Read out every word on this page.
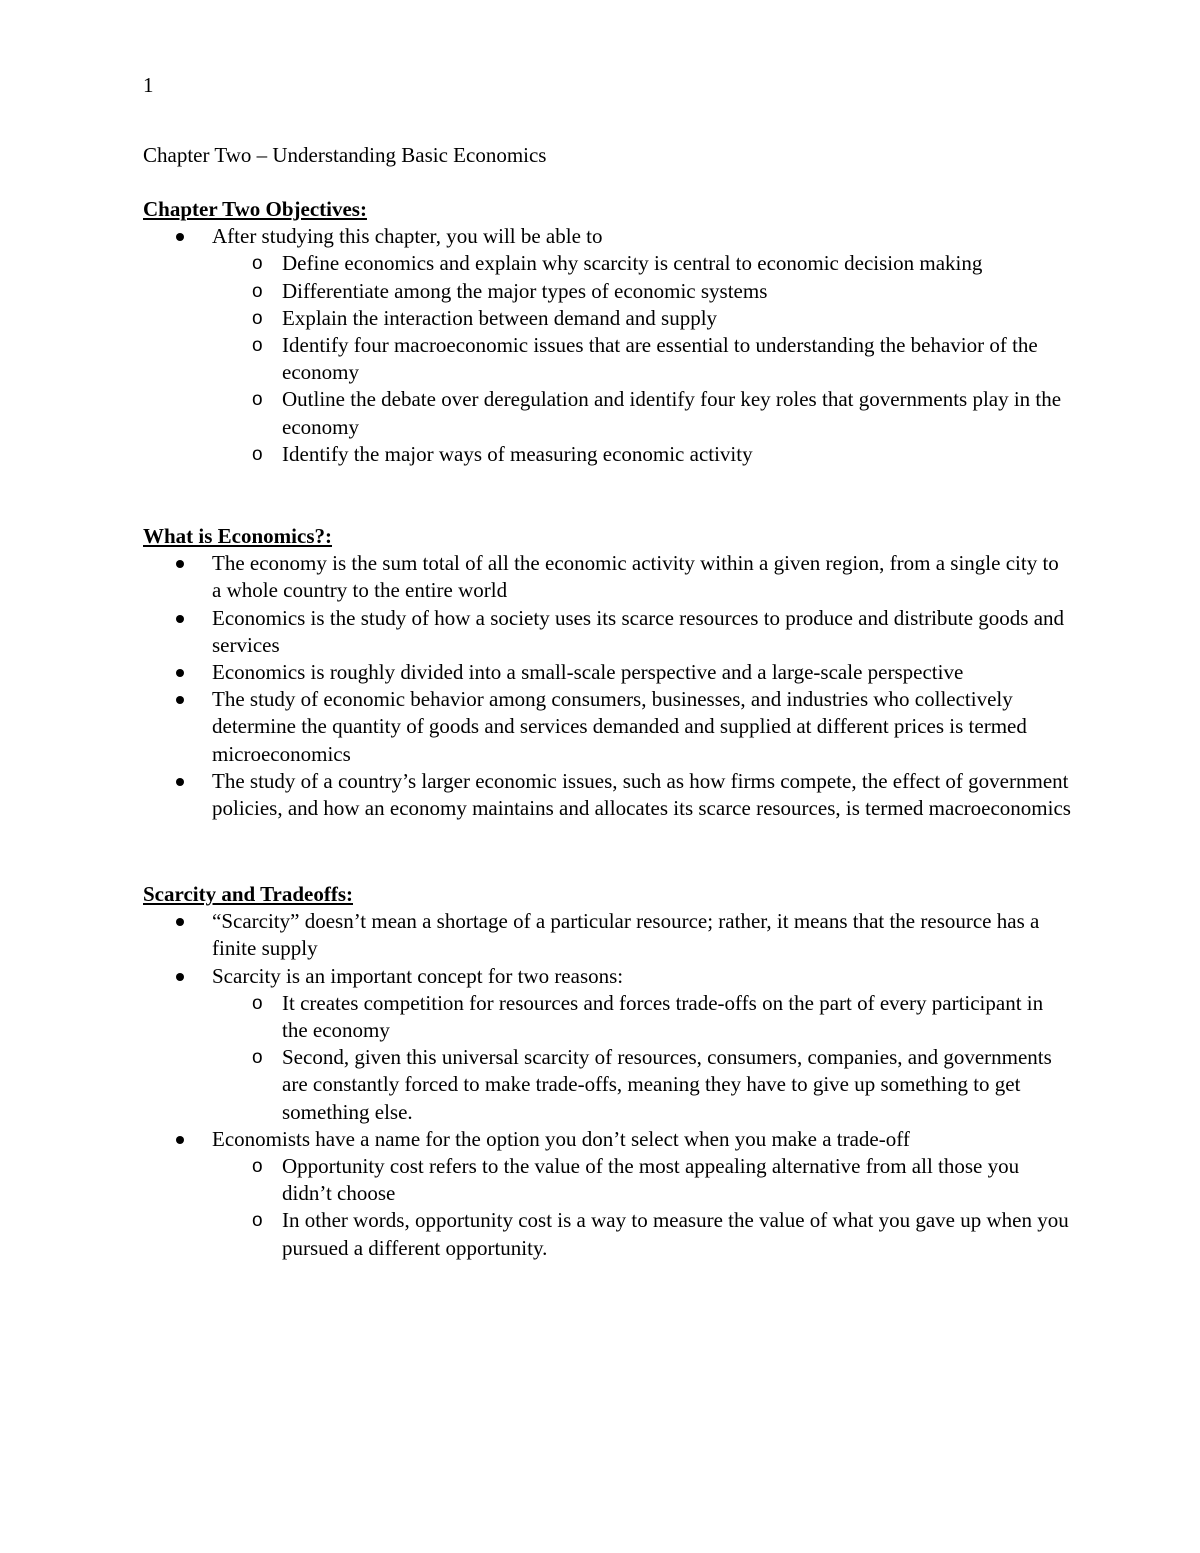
1
Chapter Two – Understanding Basic Economics

Chapter Two Objectives:

After studying this chapter, you will be able to
o Define economics and explain why scarcity is central to economic decision making
o Differentiate among the major types of economic systems
o Explain the interaction between demand and supply
o Identify four macroeconomic issues that are essential to understanding the behavior of the economy
o Outline the debate over deregulation and identify four key roles that governments play in the economy
o Identify the major ways of measuring economic activity

What is Economics?:

The economy is the sum total of all the economic activity within a given region, from a single city to a whole country to the entire world
Economics is the study of how a society uses its scarce resources to produce and distribute goods and services
Economics is roughly divided into a small-scale perspective and a large-scale perspective
The study of economic behavior among consumers, businesses, and industries who collectively determine the quantity of goods and services demanded and supplied at different prices is termed microeconomics
The study of a country’s larger economic issues, such as how firms compete, the effect of government policies, and how an economy maintains and allocates its scarce resources, is termed macroeconomics

Scarcity and Tradeoffs:

“Scarcity” doesn’t mean a shortage of a particular resource; rather, it means that the resource has a finite supply
Scarcity is an important concept for two reasons:
o It creates competition for resources and forces trade-offs on the part of every participant in the economy
o Second, given this universal scarcity of resources, consumers, companies, and governments are constantly forced to make trade-offs, meaning they have to give up something to get something else.
Economists have a name for the option you don’t select when you make a trade-off
o Opportunity cost refers to the value of the most appealing alternative from all those you didn’t choose
o In other words, opportunity cost is a way to measure the value of what you gave up when you pursued a different opportunity.
